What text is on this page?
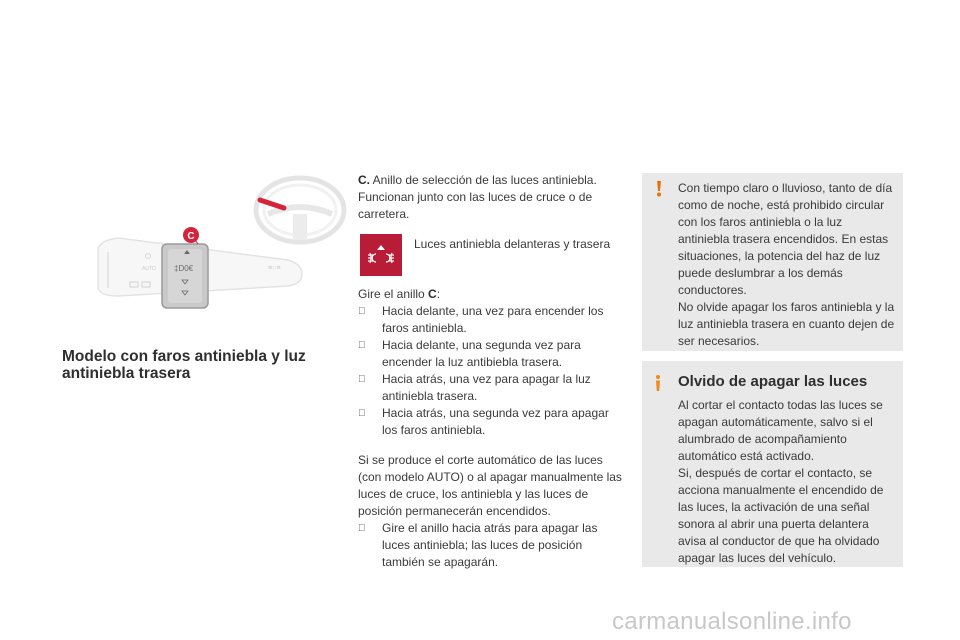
AUTO ‡D0€	≡○≡
C
Modelo con faros antiniebla y luz antiniebla trasera

C. Anillo de selección de las luces antiniebla. Funcionan junto con las luces de cruce o de carretera.

Luces antiniebla delanteras y trasera

Gire el anillo C:

Hacia delante, una vez para encender los faros antiniebla.
Hacia delante, una segunda vez para encender la luz antibiebla trasera.
Hacia atrás, una vez para apagar la luz antiniebla trasera.
Hacia atrás, una segunda vez para apagar los faros antiniebla.

Si se produce el corte automático de las luces (con modelo AUTO) o al apagar manualmente las luces de cruce, los antiniebla y las luces de posición permanecerán encendidos.

Gire el anillo hacia atrás para apagar las luces antiniebla; las luces de posición también se apagarán.
Con tiempo claro o lluvioso, tanto de día como de noche, está prohibido circular con los faros antiniebla o la luz antiniebla trasera encendidos. En estas situaciones, la potencia del haz de luz puede deslumbrar a los demás conductores.
No olvide apagar los faros antiniebla y la luz antiniebla trasera en cuanto dejen de ser necesarios.
Olvido de apagar las luces
Al cortar el contacto todas las luces se apagan automáticamente, salvo si el alumbrado de acompañamiento automático está activado.
Si, después de cortar el contacto, se acciona manualmente el encendido de las luces, la activación de una señal sonora al abrir una puerta delantera avisa al conductor de que ha olvidado apagar las luces del vehículo.
carmanualsonline.info
